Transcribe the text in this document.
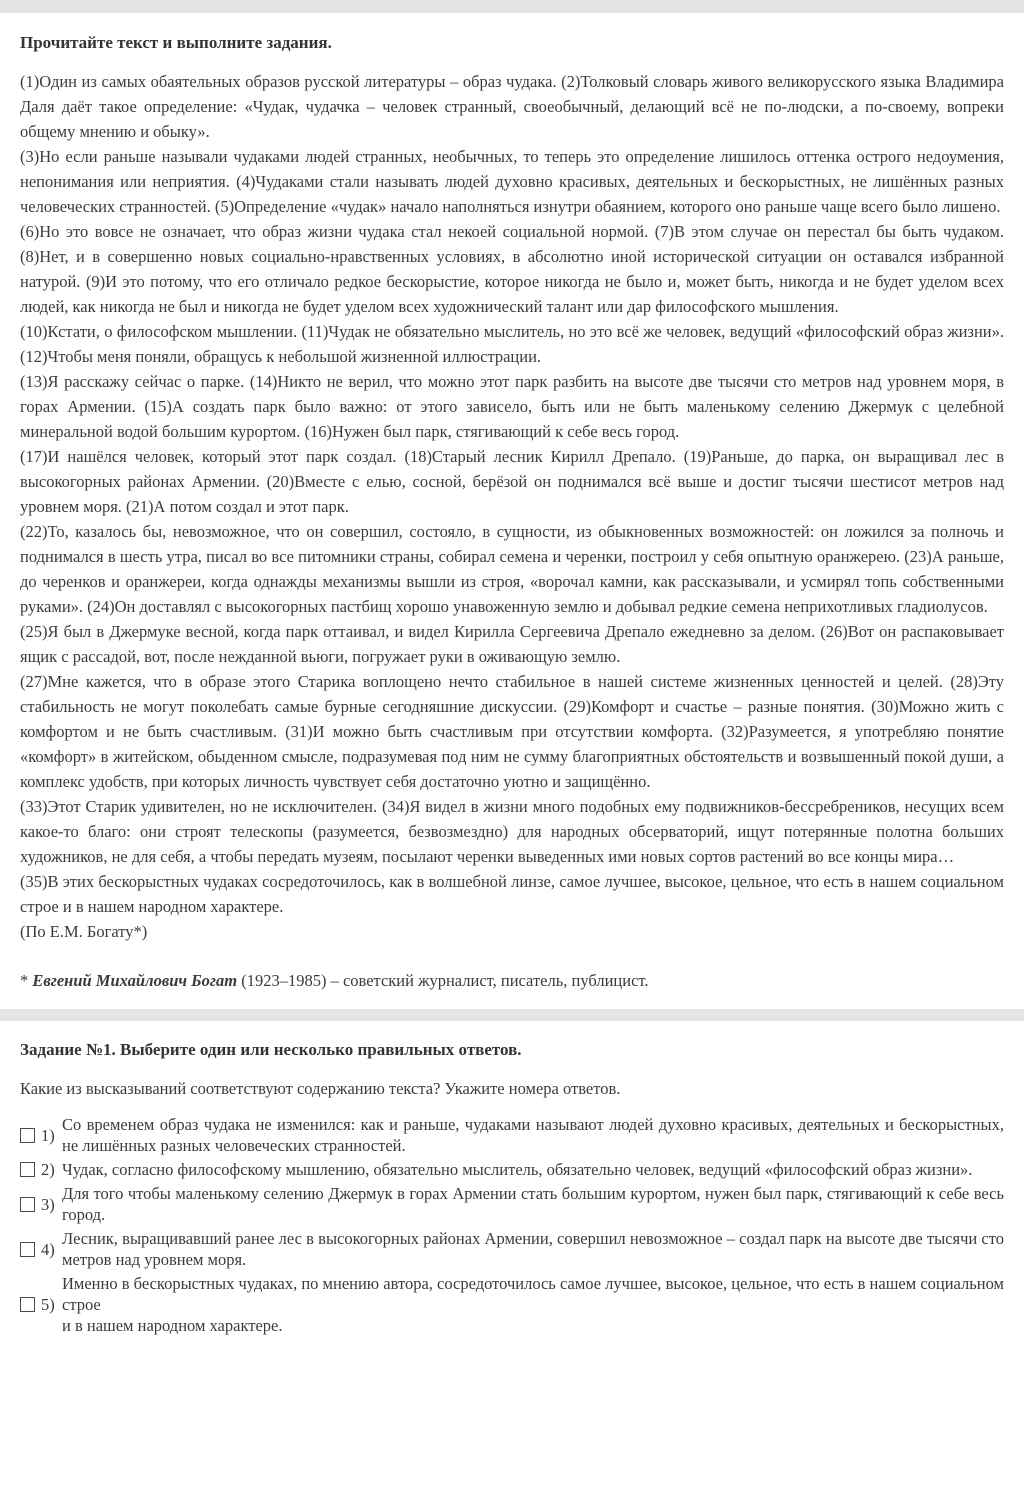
Прочитайте текст и выполните задания.
(1)Один из самых обаятельных образов русской литературы – образ чудака. (2)Толковый словарь живого великорусского языка Владимира Даля даёт такое определение: «Чудак, чудачка – человек странный, своеобычный, делающий всё не по-людски, а по-своему, вопреки общему мнению и обыку».
(3)Но если раньше называли чудаками людей странных, необычных, то теперь это определение лишилось оттенка острого недоумения, непонимания или неприятия. (4)Чудаками стали называть людей духовно красивых, деятельных и бескорыстных, не лишённых разных человеческих странностей. (5)Определение «чудак» начало наполняться изнутри обаянием, которого оно раньше чаще всего было лишено.
(6)Но это вовсе не означает, что образ жизни чудака стал некоей социальной нормой. (7)В этом случае он перестал бы быть чудаком. (8)Нет, и в совершенно новых социально-нравственных условиях, в абсолютно иной исторической ситуации он оставался избранной натурой. (9)И это потому, что его отличало редкое бескорыстие, которое никогда не было и, может быть, никогда и не будет уделом всех людей, как никогда не был и никогда не будет уделом всех художнический талант или дар философского мышления.
(10)Кстати, о философском мышлении. (11)Чудак не обязательно мыслитель, но это всё же человек, ведущий «философский образ жизни». (12)Чтобы меня поняли, обращусь к небольшой жизненной иллюстрации.
(13)Я расскажу сейчас о парке. (14)Никто не верил, что можно этот парк разбить на высоте две тысячи сто метров над уровнем моря, в горах Армении. (15)А создать парк было важно: от этого зависело, быть или не быть маленькому селению Джермук с целебной минеральной водой большим курортом. (16)Нужен был парк, стягивающий к себе весь город.
(17)И нашёлся человек, который этот парк создал. (18)Старый лесник Кирилл Дрепало. (19)Раньше, до парка, он выращивал лес в высокогорных районах Армении. (20)Вместе с елью, сосной, берёзой он поднимался всё выше и достиг тысячи шестисот метров над уровнем моря. (21)А потом создал и этот парк.
(22)То, казалось бы, невозможное, что он совершил, состояло, в сущности, из обыкновенных возможностей: он ложился за полночь и поднимался в шесть утра, писал во все питомники страны, собирал семена и черенки, построил у себя опытную оранжерею. (23)А раньше, до черенков и оранжереи, когда однажды механизмы вышли из строя, «ворочал камни, как рассказывали, и усмирял топь собственными руками». (24)Он доставлял с высокогорных пастбищ хорошо унавоженную землю и добывал редкие семена неприхотливых гладиолусов.
(25)Я был в Джермуке весной, когда парк оттаивал, и видел Кирилла Сергеевича Дрепало ежедневно за делом. (26)Вот он распаковывает ящик с рассадой, вот, после нежданной вьюги, погружает руки в оживающую землю.
(27)Мне кажется, что в образе этого Старика воплощено нечто стабильное в нашей системе жизненных ценностей и целей. (28)Эту стабильность не могут поколебать самые бурные сегодняшние дискуссии. (29)Комфорт и счастье – разные понятия. (30)Можно жить с комфортом и не быть счастливым. (31)И можно быть счастливым при отсутствии комфорта. (32)Разумеется, я употребляю понятие «комфорт» в житейском, обыденном смысле, подразумевая под ним не сумму благоприятных обстоятельств и возвышенный покой души, а комплекс удобств, при которых личность чувствует себя достаточно уютно и защищённо.
(33)Этот Старик удивителен, но не исключителен. (34)Я видел в жизни много подобных ему подвижников-бессребреников, несущих всем какое-то благо: они строят телескопы (разумеется, безвозмездно) для народных обсерваторий, ищут потерянные полотна больших художников, не для себя, а чтобы передать музеям, посылают черенки выведенных ими новых сортов растений во все концы мира…
(35)В этих бескорыстных чудаках сосредоточилось, как в волшебной линзе, самое лучшее, высокое, цельное, что есть в нашем социальном строе и в нашем народном характере.
(По Е.М. Богату*)
* Евгений Михайлович Богат (1923–1985) – советский журналист, писатель, публицист.
Задание №1. Выберите один или несколько правильных ответов.
Какие из высказываний соответствуют содержанию текста? Укажите номера ответов.
1)
Со временем образ чудака не изменился: как и раньше, чудаками называют людей духовно красивых, деятельных и бескорыстных, не лишённых разных человеческих странностей.
2) Чудак, согласно философскому мышлению, обязательно мыслитель, обязательно человек, ведущий «философский образ жизни».
3)
Для того чтобы маленькому селению Джермук в горах Армении стать большим курортом, нужен был парк, стягивающий к себе весь город.
4)
Лесник, выращивавший ранее лес в высокогорных районах Армении, совершил невозможное – создал парк на высоте две тысячи сто метров над уровнем моря.
5)
Именно в бескорыстных чудаках, по мнению автора, сосредоточилось самое лучшее, высокое, цельное, что есть в нашем социальном строе
и в нашем народном характере.
